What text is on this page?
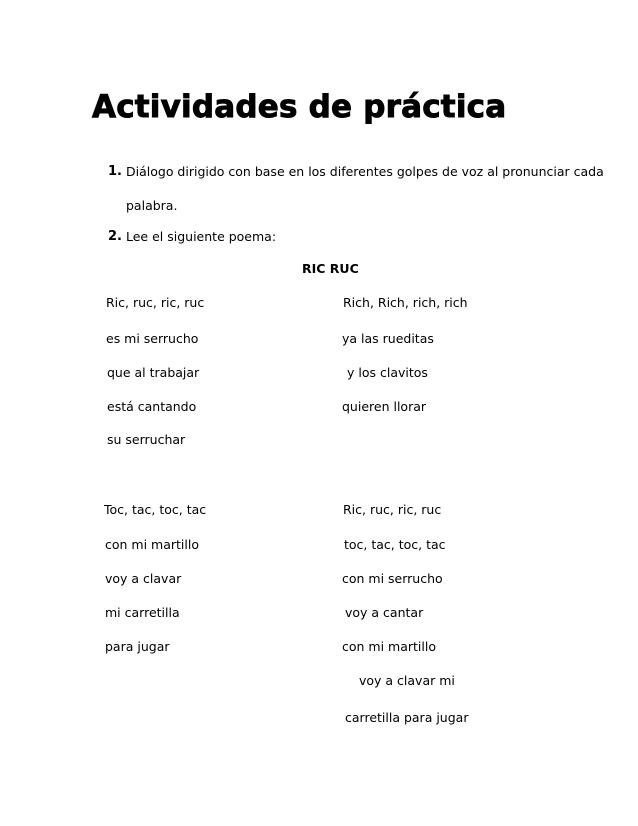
Actividades de práctica
1. Diálogo dirigido con base en los diferentes golpes de voz al pronunciar cada
palabra.
2. Lee el siguiente poema:
RIC RUC
Ric, ruc, ric, ruc
es mi serrucho
que al trabajar
está cantando
su serruchar
Toc, tac, toc, tac
con mi martillo
voy a clavar
mi carretilla
para jugar
Rich, Rich, rich, rich
ya las rueditas
y los clavitos
quieren llorar
Ric, ruc, ric, ruc
toc, tac, toc, tac
con mi serrucho
voy a cantar
con mi martillo
voy a clavar mi
carretilla para jugar
